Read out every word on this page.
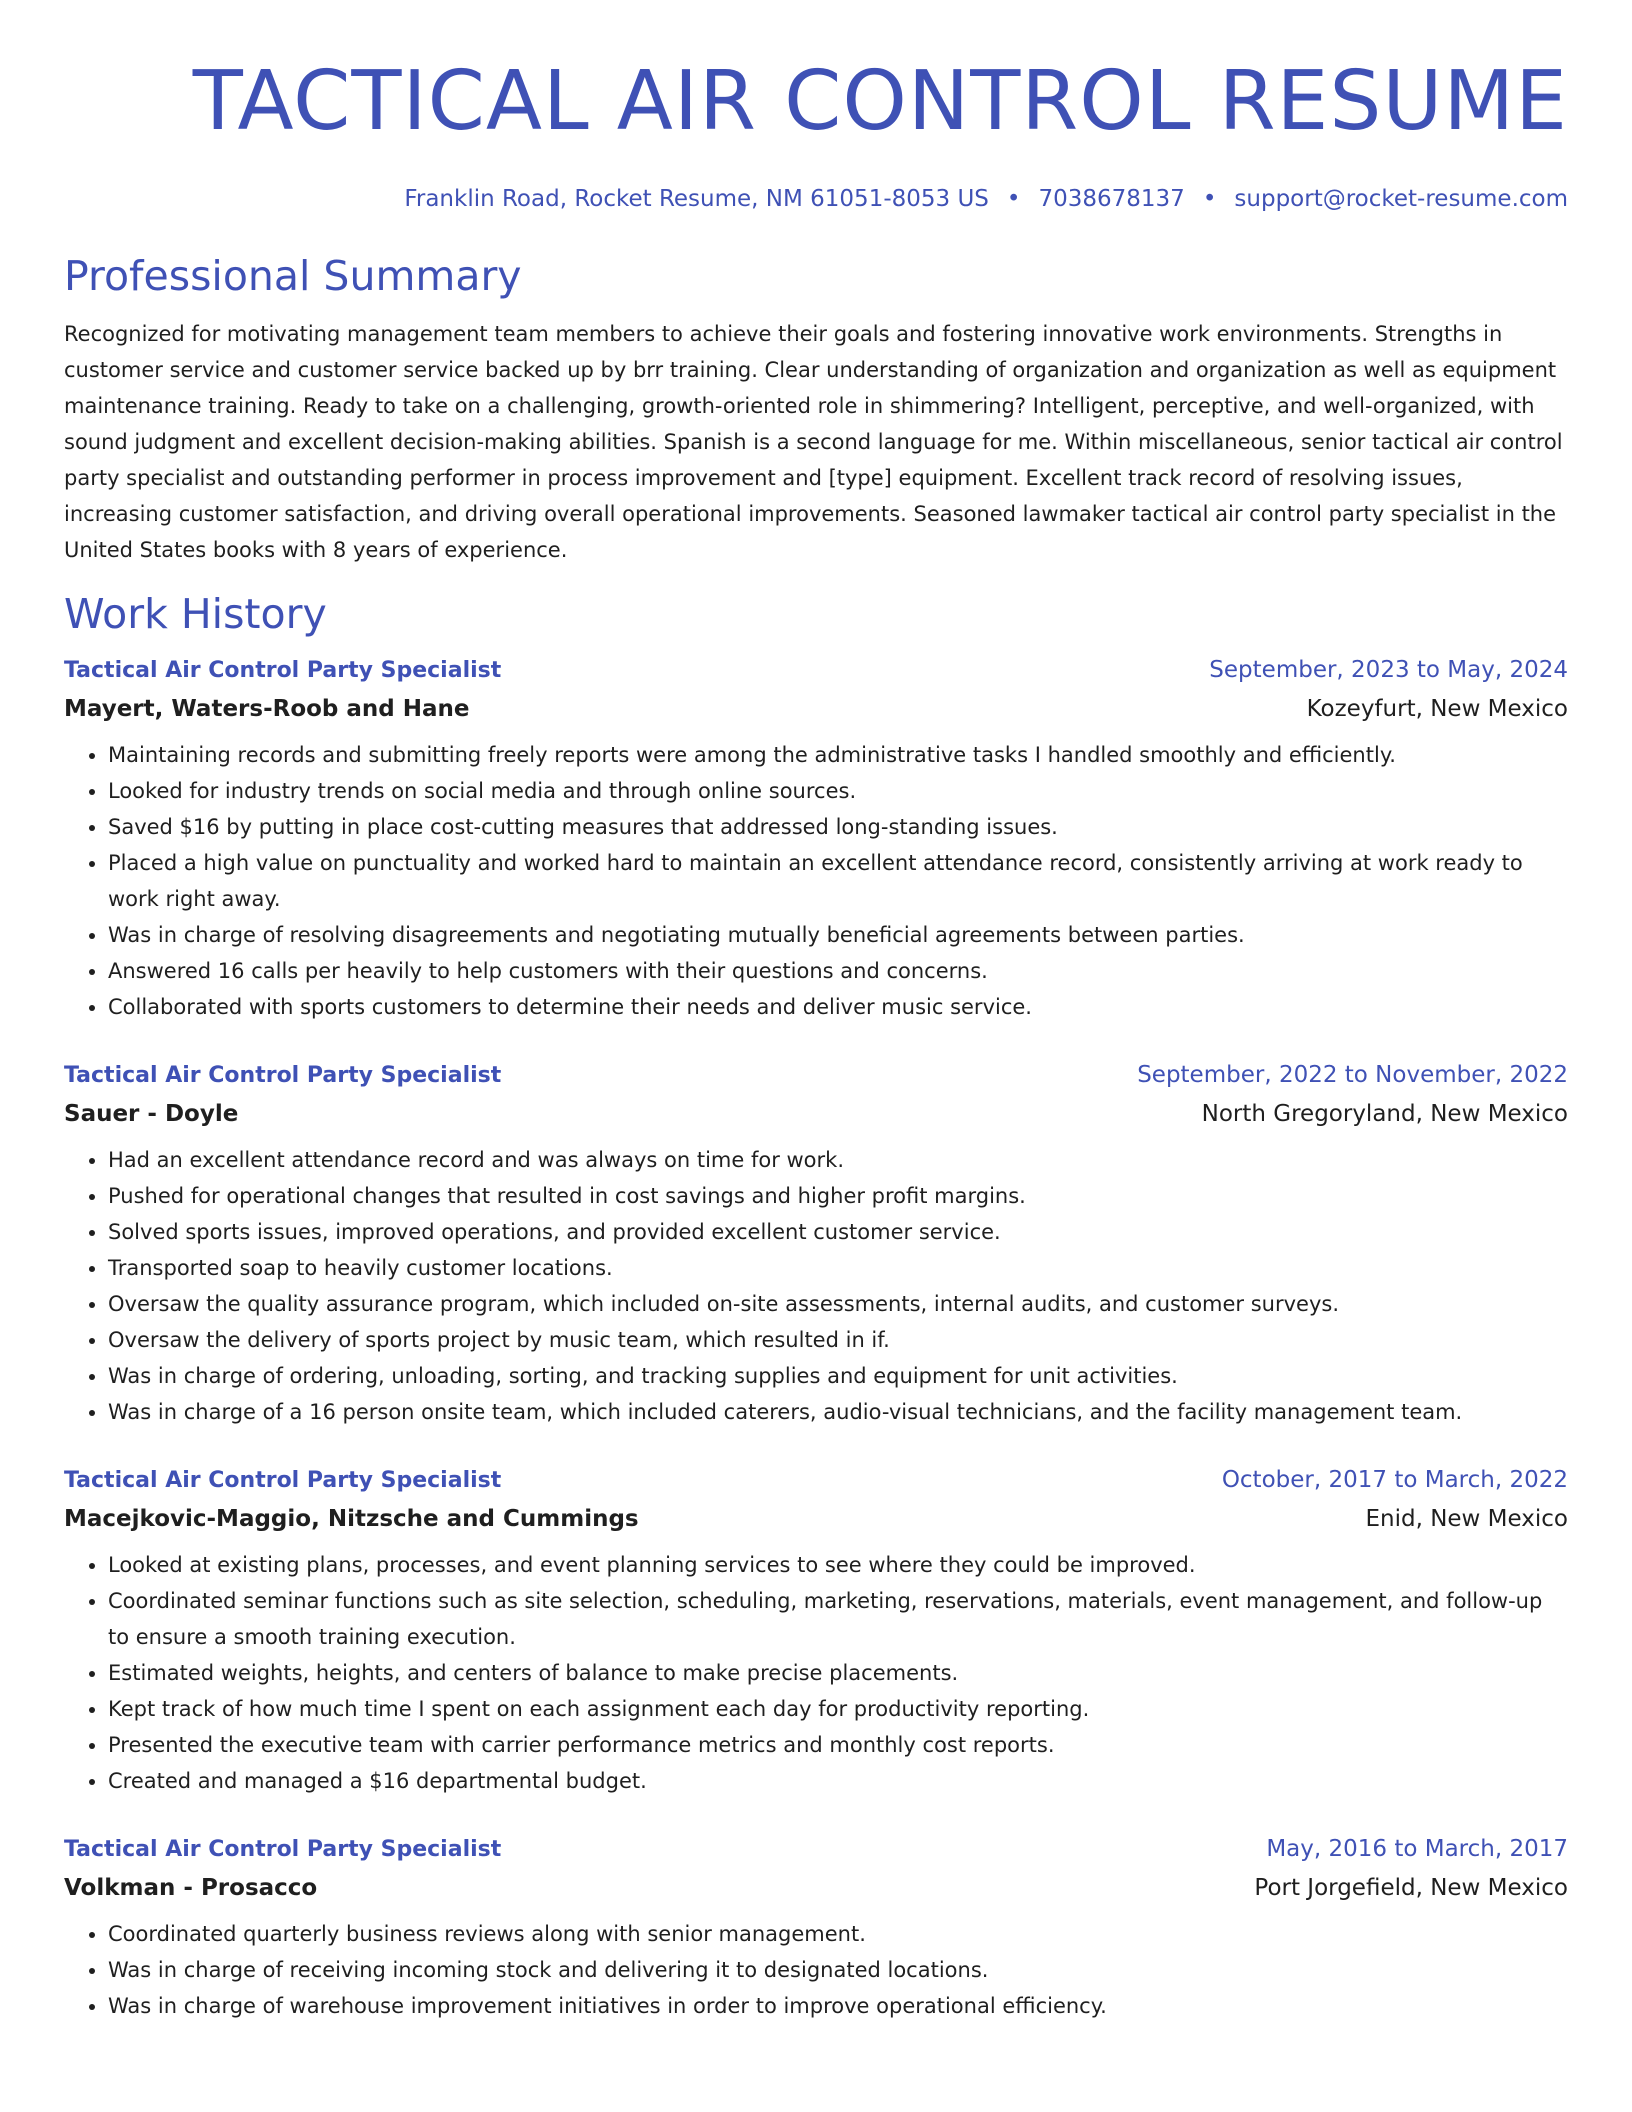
TACTICAL AIR CONTROL RESUME
Franklin Road, Rocket Resume, NM 61051-8053 US • 7038678137 • support@rocket-resume.com
Professional Summary

Recognized for motivating management team members to achieve their goals and fostering innovative work environments. Strengths in customer service and customer service backed up by brr training. Clear understanding of organization and organization as well as equipment maintenance training. Ready to take on a challenging, growth-oriented role in shimmering? Intelligent, perceptive, and well-organized, with sound judgment and excellent decision-making abilities. Spanish is a second language for me. Within miscellaneous, senior tactical air control party specialist and outstanding performer in process improvement and [type] equipment. Excellent track record of resolving issues, increasing customer satisfaction, and driving overall operational improvements. Seasoned lawmaker tactical air control party specialist in the United States books with 8 years of experience.

Work History
Tactical Air Control Party Specialist	September, 2023 to May, 2024
Mayert, Waters-Roob and Hane	Kozeyfurt, New Mexico
• Maintaining records and submitting freely reports were among the administrative tasks I handled smoothly and efficiently.
• Looked for industry trends on social media and through online sources.
• Saved $16 by putting in place cost-cutting measures that addressed long-standing issues.
• Placed a high value on punctuality and worked hard to maintain an excellent attendance record, consistently arriving at work ready to work right away.
• Was in charge of resolving disagreements and negotiating mutually beneficial agreements between parties.
• Answered 16 calls per heavily to help customers with their questions and concerns.
• Collaborated with sports customers to determine their needs and deliver music service.
Tactical Air Control Party Specialist	September, 2022 to November, 2022
Sauer - Doyle	North Gregoryland, New Mexico
• Had an excellent attendance record and was always on time for work.
• Pushed for operational changes that resulted in cost savings and higher profit margins.
• Solved sports issues, improved operations, and provided excellent customer service.
• Transported soap to heavily customer locations.
• Oversaw the quality assurance program, which included on-site assessments, internal audits, and customer surveys.
• Oversaw the delivery of sports project by music team, which resulted in if.
• Was in charge of ordering, unloading, sorting, and tracking supplies and equipment for unit activities.
• Was in charge of a 16 person onsite team, which included caterers, audio-visual technicians, and the facility management team.
Tactical Air Control Party Specialist	October, 2017 to March, 2022
Macejkovic-Maggio, Nitzsche and Cummings	Enid, New Mexico
• Looked at existing plans, processes, and event planning services to see where they could be improved.
• Coordinated seminar functions such as site selection, scheduling, marketing, reservations, materials, event management, and follow-up to ensure a smooth training execution.
• Estimated weights, heights, and centers of balance to make precise placements.
• Kept track of how much time I spent on each assignment each day for productivity reporting.
• Presented the executive team with carrier performance metrics and monthly cost reports.
• Created and managed a $16 departmental budget.
Tactical Air Control Party Specialist	May, 2016 to March, 2017
Volkman - Prosacco	Port Jorgefield, New Mexico
• Coordinated quarterly business reviews along with senior management.
• Was in charge of receiving incoming stock and delivering it to designated locations.
• Was in charge of warehouse improvement initiatives in order to improve operational efficiency.
